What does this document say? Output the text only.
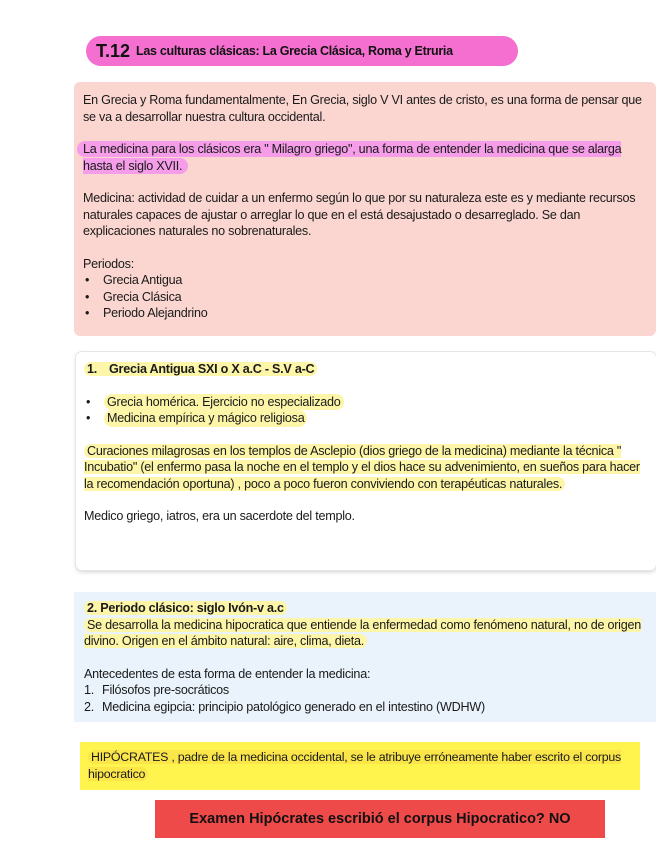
T.12 Las culturas clásicas: La Grecia Clásica, Roma y Etruria

En Grecia y Roma fundamentalmente, En Grecia, siglo V VI antes de cristo, es una forma de pensar que se va a desarrollar nuestra cultura occidental.

La medicina para los clásicos era " Milagro griego", una forma de entender la medicina que se alarga hasta el siglo XVII.

Medicina: actividad de cuidar a un enfermo según lo que por su naturaleza este es y mediante recursos naturales capaces de ajustar o arreglar lo que en el está desajustado o desarreglado. Se dan explicaciones naturales no sobrenaturales.

Periodos:

•	Grecia Antigua
•	Grecia Clásica
•	Periodo Alejandrino

1. Grecia Antigua SXI o X a.C - S.V a-C

•	Grecia homérica. Ejercicio no especializado
•	Medicina empírica y mágico religiosa

Curaciones milagrosas en los templos de Asclepio (dios griego de la medicina) mediante la técnica " Incubatio" (el enfermo pasa la noche en el templo y el dios hace su advenimiento, en sueños para hacer la recomendación oportuna) , poco a poco fueron conviviendo con terapéuticas naturales.

Medico griego, iatros, era un sacerdote del templo.

2. Periodo clásico: siglo Ivón-v a.c

Se desarrolla la medicina hipocratica que entiende la enfermedad como fenómeno natural, no de origen divino. Origen en el ámbito natural: aire, clima, dieta.

Antecedentes de esta forma de entender la medicina:

1. Filósofos pre-socráticos
2. Medicina egipcia: principio patológico generado en el intestino (WDHW)

HIPÓCRATES , padre de la medicina occidental, se le atribuye erróneamente haber escrito el corpus hipocratico

Examen Hipócrates escribió el corpus Hipocratico? NO
